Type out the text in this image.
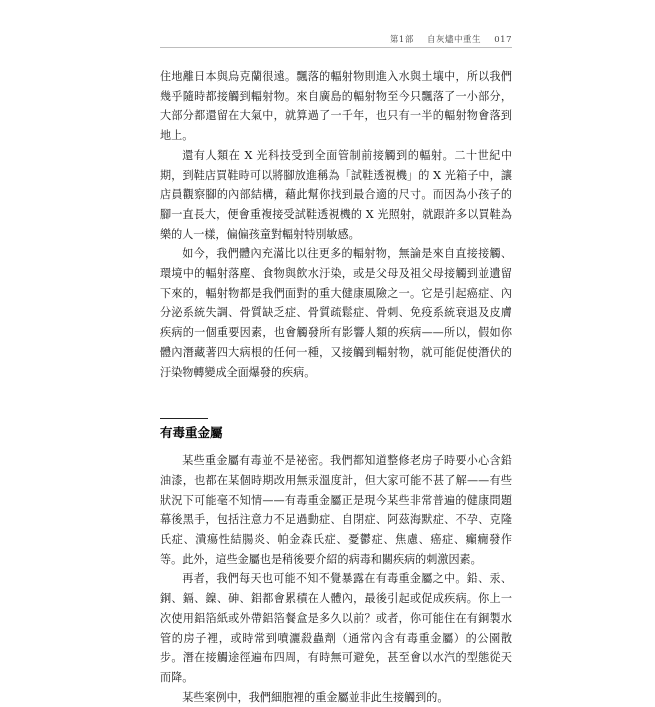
第1部 自灰燼中重生 017

住地離日本與烏克蘭很遠。飄落的輻射物則進入水與土壤中，所以我們幾乎隨時都接觸到輻射物。來自廣島的輻射物至今只飄落了一小部分，大部分都還留在大氣中，就算過了一千年，也只有一半的輻射物會落到地上。

還有人類在 X 光科技受到全面管制前接觸到的輻射。二十世紀中期，到鞋店買鞋時可以將腳放進稱為「試鞋透視機」的 X 光箱子中，讓店員觀察腳的內部結構，藉此幫你找到最合適的尺寸。而因為小孩子的腳一直長大，便會重複接受試鞋透視機的 X 光照射，就跟許多以買鞋為樂的人一樣，偏偏孩童對輻射特別敏感。

如今，我們體內充滿比以往更多的輻射物，無論是來自直接接觸、環境中的輻射落塵、食物與飲水汙染，或是父母及祖父母接觸到並遺留下來的，輻射物都是我們面對的重大健康風險之一。它是引起癌症、內分泌系統失調、骨質缺乏症、骨質疏鬆症、骨刺、免疫系統衰退及皮膚疾病的一個重要因素，也會觸發所有影響人類的疾病——所以，假如你體內潛藏著四大病根的任何一種，又接觸到輻射物，就可能促使潛伏的汙染物轉變成全面爆發的疾病。

有毒重金屬

某些重金屬有毒並不是祕密。我們都知道整修老房子時要小心含鉛油漆，也都在某個時期改用無汞溫度計，但大家可能不甚了解——有些狀況下可能毫不知情——有毒重金屬正是現今某些非常普遍的健康問題幕後黑手，包括注意力不足過動症、自閉症、阿茲海默症、不孕、克隆氏症、潰瘍性結腸炎、帕金森氏症、憂鬱症、焦慮、癌症、癲癇發作等。此外，這些金屬也是稍後要介紹的病毒和關疾病的刺激因素。

再者，我們每天也可能不知不覺暴露在有毒重金屬之中。鉛、汞、銅、鎘、鎳、砷、鋁都會累積在人體內，最後引起或促成疾病。你上一次使用鋁箔紙或外帶鋁箔餐盒是多久以前？或者，你可能住在有銅製水管的房子裡，或時常到噴灑殺蟲劑（通常內含有毒重金屬）的公園散步。潛在接觸途徑遍布四周，有時無可避免，甚至會以水汽的型態從天而降。

某些案例中，我們細胞裡的重金屬並非此生接觸到的。
